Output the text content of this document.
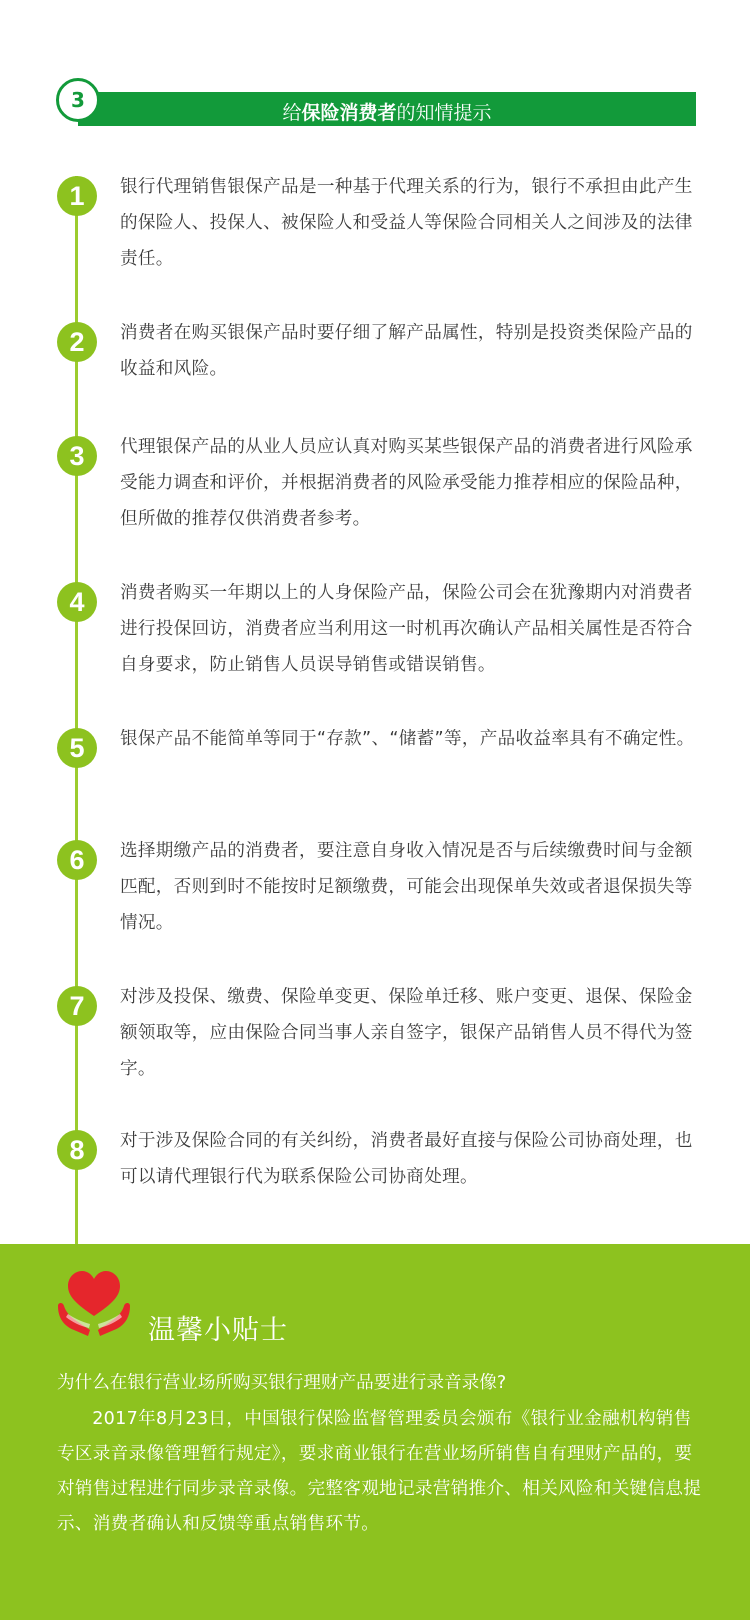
给保险消费者的知情提示
3
1	银行代理销售银保产品是一种基于代理关系的行为，银行不承担由此产生的保险人、投保人、被保险人和受益人等保险合同相关人之间涉及的法律责任。
2	消费者在购买银保产品时要仔细了解产品属性，特别是投资类保险产品的收益和风险。
3	代理银保产品的从业人员应认真对购买某些银保产品的消费者进行风险承受能力调查和评价，并根据消费者的风险承受能力推荐相应的保险品种，但所做的推荐仅供消费者参考。
4	消费者购买一年期以上的人身保险产品，保险公司会在犹豫期内对消费者进行投保回访，消费者应当利用这一时机再次确认产品相关属性是否符合自身要求，防止销售人员误导销售或错误销售。
5	银保产品不能简单等同于“存款”、“储蓄”等，产品收益率具有不确定性。
6	选择期缴产品的消费者，要注意自身收入情况是否与后续缴费时间与金额匹配，否则到时不能按时足额缴费，可能会出现保单失效或者退保损失等情况。
7	对涉及投保、缴费、保险单变更、保险单迁移、账户变更、退保、保险金额领取等，应由保险合同当事人亲自签字，银保产品销售人员不得代为签字。
8	对于涉及保险合同的有关纠纷，消费者最好直接与保险公司协商处理，也可以请代理银行代为联系保险公司协商处理。
温馨小贴士
为什么在银行营业场所购买银行理财产品要进行录音录像?
2017年8月23日，中国银行保险监督管理委员会颁布《银行业金融机构销售专区录音录像管理暂行规定》，要求商业银行在营业场所销售自有理财产品的，要对销售过程进行同步录音录像。完整客观地记录营销推介、相关风险和关键信息提示、消费者确认和反馈等重点销售环节。
